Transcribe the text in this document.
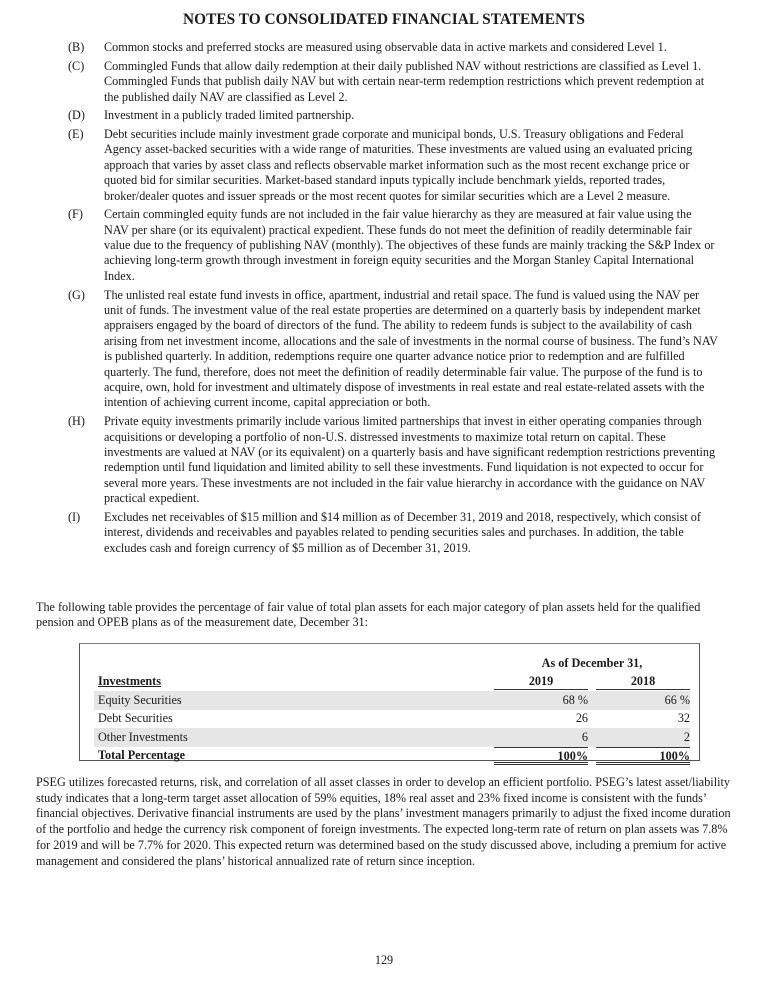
NOTES TO CONSOLIDATED FINANCIAL STATEMENTS
(B)	Common stocks and preferred stocks are measured using observable data in active markets and considered Level 1.
(C)	Commingled Funds that allow daily redemption at their daily published NAV without restrictions are classified as Level 1. Commingled Funds that publish daily NAV but with certain near-term redemption restrictions which prevent redemption at the published daily NAV are classified as Level 2.
(D)	Investment in a publicly traded limited partnership.
(E)	Debt securities include mainly investment grade corporate and municipal bonds, U.S. Treasury obligations and Federal Agency asset-backed securities with a wide range of maturities. These investments are valued using an evaluated pricing approach that varies by asset class and reflects observable market information such as the most recent exchange price or quoted bid for similar securities. Market-based standard inputs typically include benchmark yields, reported trades, broker/dealer quotes and issuer spreads or the most recent quotes for similar securities which are a Level 2 measure.
(F)	Certain commingled equity funds are not included in the fair value hierarchy as they are measured at fair value using the NAV per share (or its equivalent) practical expedient. These funds do not meet the definition of readily determinable fair value due to the frequency of publishing NAV (monthly). The objectives of these funds are mainly tracking the S&P Index or achieving long-term growth through investment in foreign equity securities and the Morgan Stanley Capital International Index.
(G)	The unlisted real estate fund invests in office, apartment, industrial and retail space. The fund is valued using the NAV per unit of funds. The investment value of the real estate properties are determined on a quarterly basis by independent market appraisers engaged by the board of directors of the fund. The ability to redeem funds is subject to the availability of cash arising from net investment income, allocations and the sale of investments in the normal course of business. The fund’s NAV is published quarterly. In addition, redemptions require one quarter advance notice prior to redemption and are fulfilled quarterly. The fund, therefore, does not meet the definition of readily determinable fair value. The purpose of the fund is to acquire, own, hold for investment and ultimately dispose of investments in real estate and real estate-related assets with the intention of achieving current income, capital appreciation or both.
(H)	Private equity investments primarily include various limited partnerships that invest in either operating companies through acquisitions or developing a portfolio of non-U.S. distressed investments to maximize total return on capital. These investments are valued at NAV (or its equivalent) on a quarterly basis and have significant redemption restrictions preventing redemption until fund liquidation and limited ability to sell these investments. Fund liquidation is not expected to occur for several more years. These investments are not included in the fair value hierarchy in accordance with the guidance on NAV practical expedient.
(I)	Excludes net receivables of $15 million and $14 million as of December 31, 2019 and 2018, respectively, which consist of interest, dividends and receivables and payables related to pending securities sales and purchases. In addition, the table excludes cash and foreign currency of $5 million as of December 31, 2019.
The following table provides the percentage of fair value of total plan assets for each major category of plan assets held for the qualified pension and OPEB plans as of the measurement date, December 31:
As of December 31,
Investments	2019	2018
Equity Securities	68 %	66 %
Debt Securities	26	32
Other Investments	6	2
Total Percentage	100%	100%
PSEG utilizes forecasted returns, risk, and correlation of all asset classes in order to develop an efficient portfolio. PSEG’s latest asset/liability study indicates that a long-term target asset allocation of 59% equities, 18% real asset and 23% fixed income is consistent with the funds’ financial objectives. Derivative financial instruments are used by the plans’ investment managers primarily to adjust the fixed income duration of the portfolio and hedge the currency risk component of foreign investments. The expected long-term rate of return on plan assets was 7.8% for 2019 and will be 7.7% for 2020. This expected return was determined based on the study discussed above, including a premium for active management and considered the plans’ historical annualized rate of return since inception.
129
